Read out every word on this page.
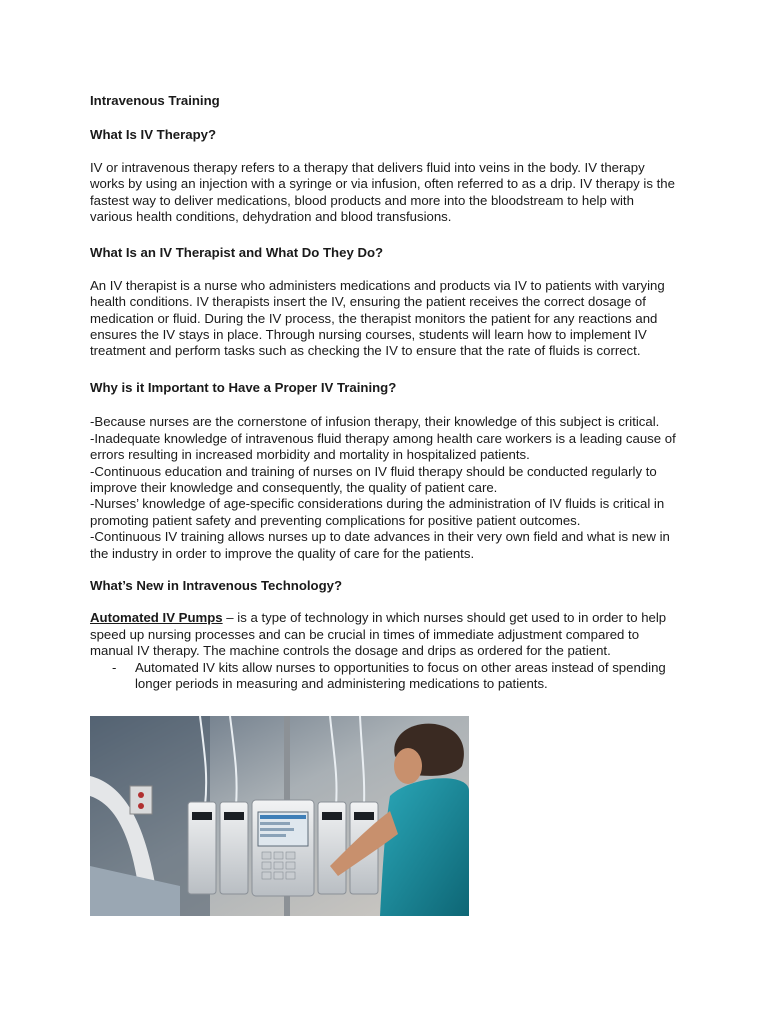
Intravenous Training

What Is IV Therapy?

IV or intravenous therapy refers to a therapy that delivers fluid into veins in the body. IV therapy works by using an injection with a syringe or via infusion, often referred to as a drip. IV therapy is the fastest way to deliver medications, blood products and more into the bloodstream to help with various health conditions, dehydration and blood transfusions.

What Is an IV Therapist and What Do They Do?

An IV therapist is a nurse who administers medications and products via IV to patients with varying health conditions. IV therapists insert the IV, ensuring the patient receives the correct dosage of medication or fluid. During the IV process, the therapist monitors the patient for any reactions and ensures the IV stays in place. Through nursing courses, students will learn how to implement IV treatment and perform tasks such as checking the IV to ensure that the rate of fluids is correct.

Why is it Important to Have a Proper IV Training?

-Because nurses are the cornerstone of infusion therapy, their knowledge of this subject is critical.

-Inadequate knowledge of intravenous fluid therapy among health care workers is a leading cause of errors resulting in increased morbidity and mortality in hospitalized patients.

-Continuous education and training of nurses on IV fluid therapy should be conducted regularly to improve their knowledge and consequently, the quality of patient care.

-Nurses’ knowledge of age-specific considerations during the administration of IV fluids is critical in promoting patient safety and preventing complications for positive patient outcomes.

-Continuous IV training allows nurses up to date advances in their very own field and what is new in the industry in order to improve the quality of care for the patients.

What’s New in Intravenous Technology?

Automated IV Pumps – is a type of technology in which nurses should get used to in order to help speed up nursing processes and can be crucial in times of immediate adjustment compared to manual IV therapy. The machine controls the dosage and drips as ordered for the patient.

-	Automated IV kits allow nurses to opportunities to focus on other areas instead of spending longer periods in measuring and administering medications to patients.
